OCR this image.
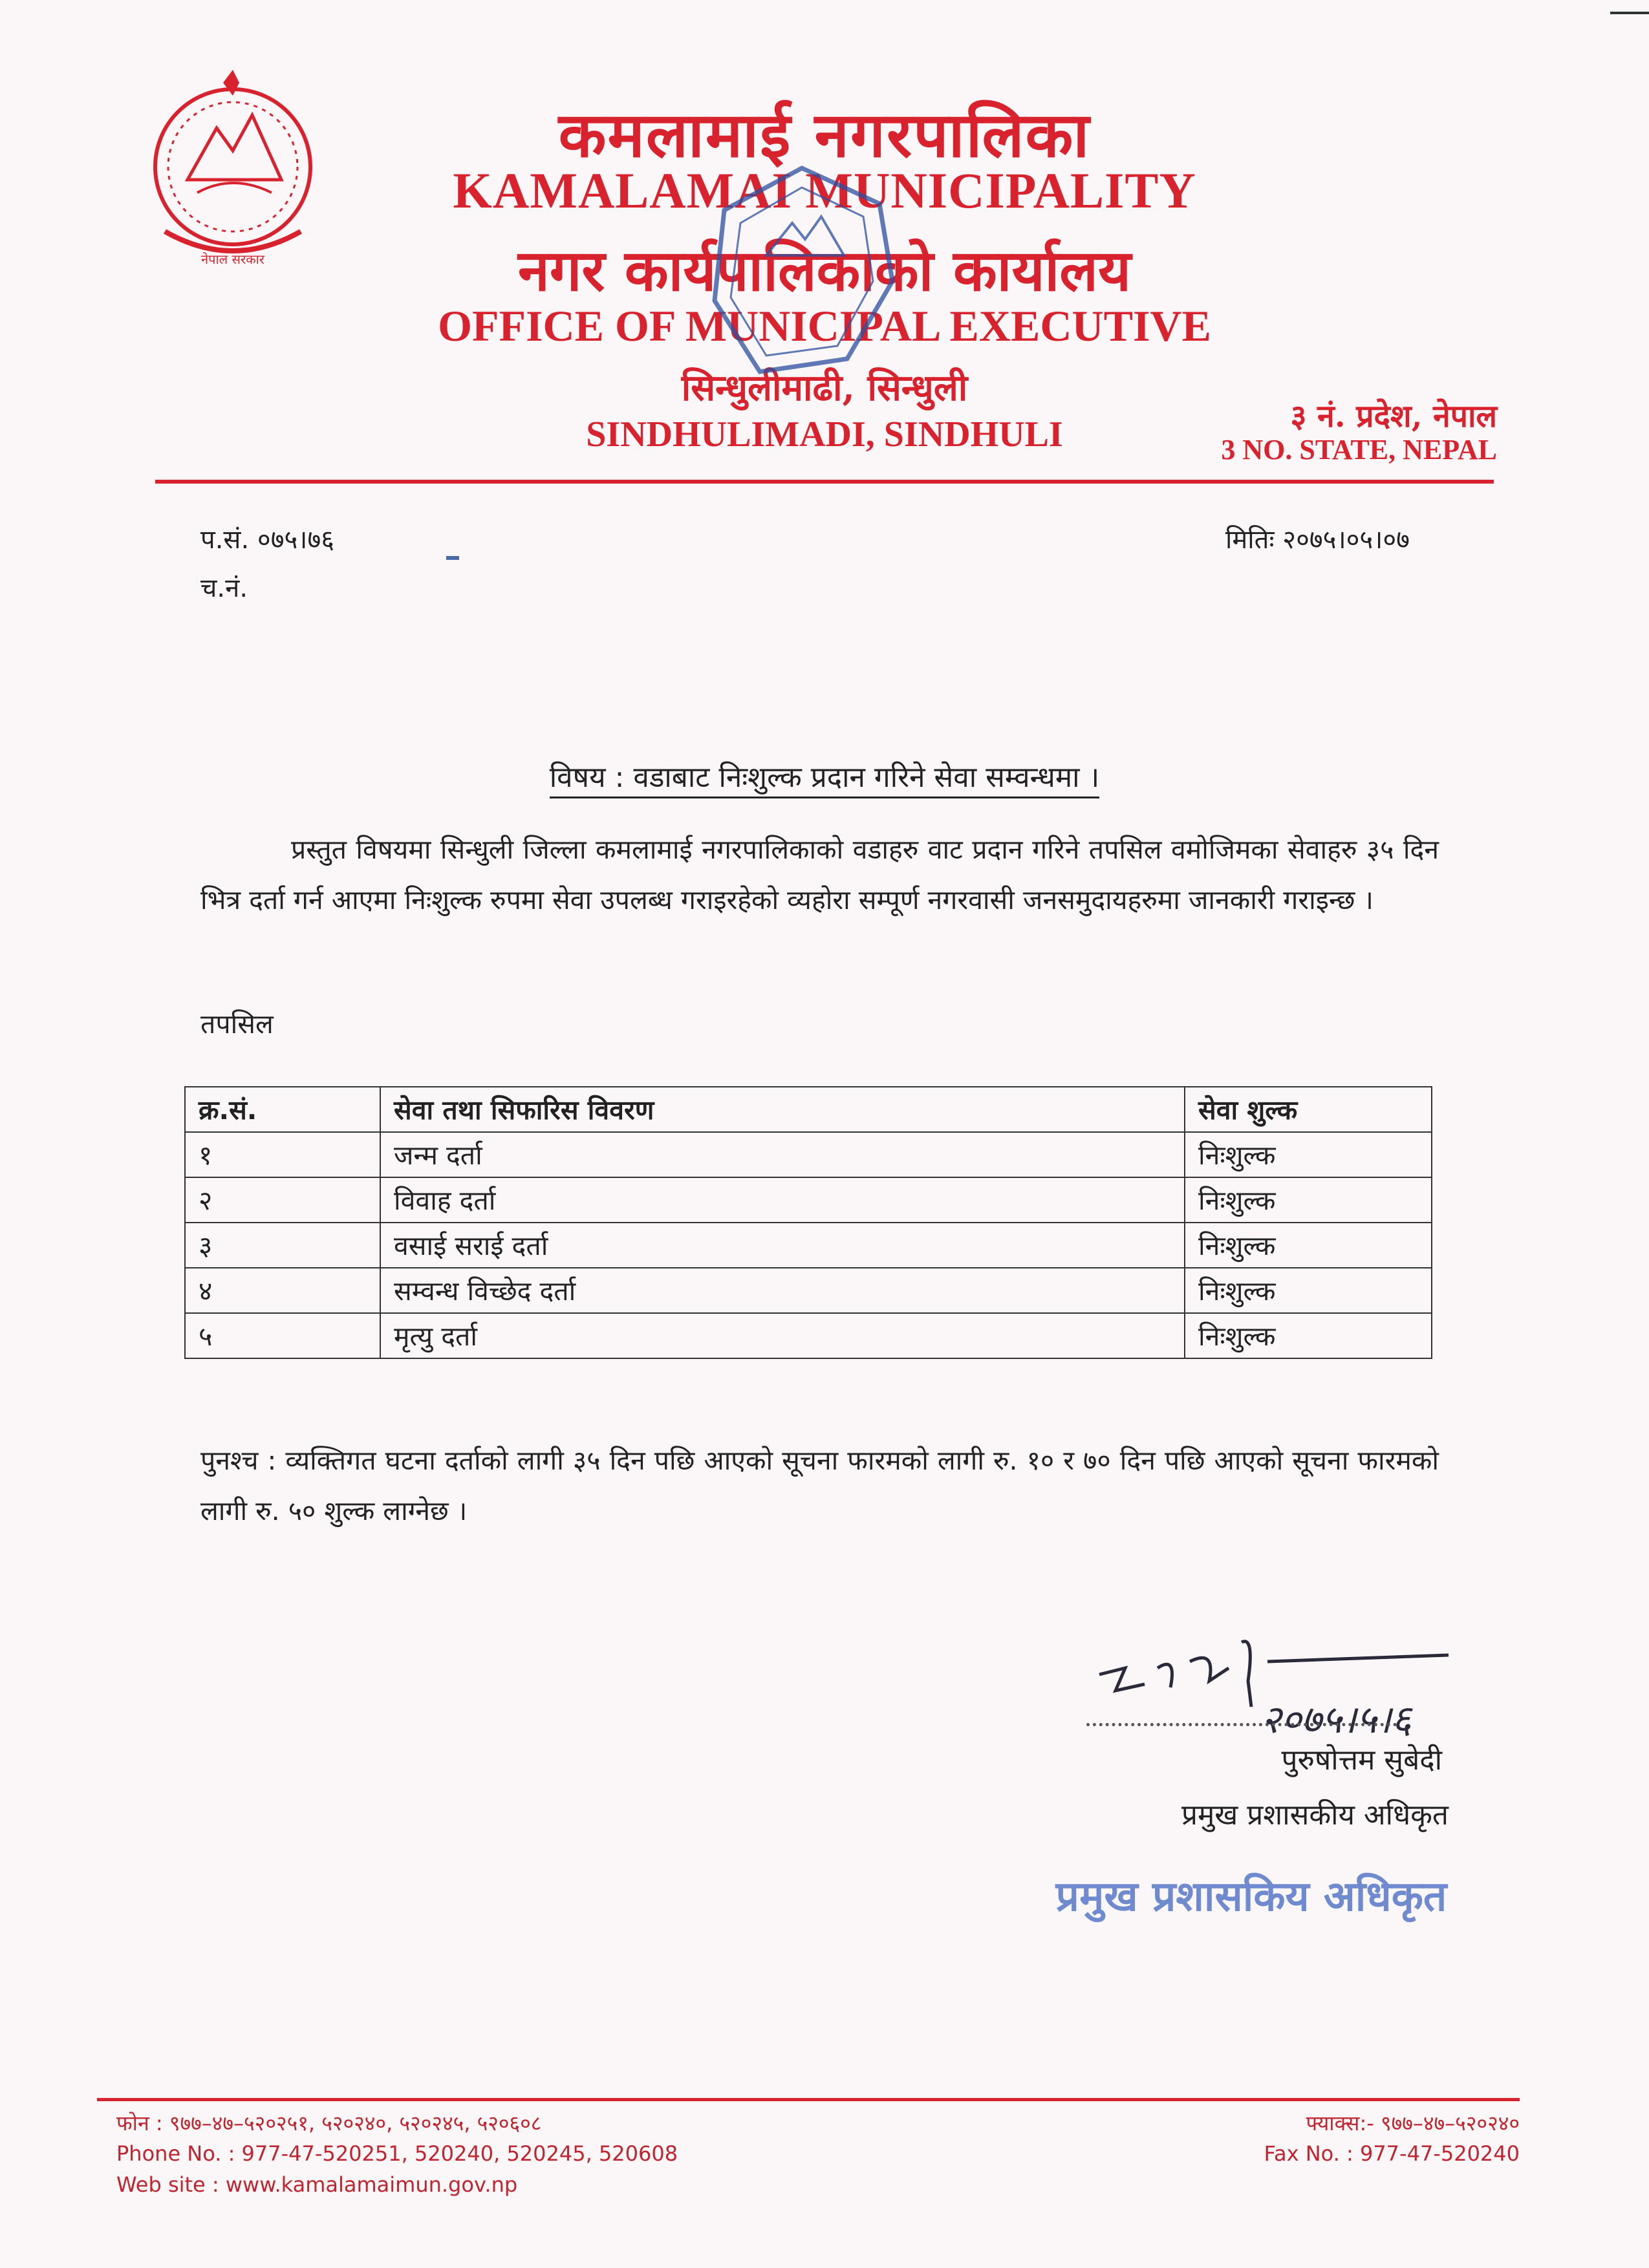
नेपाल सरकार
कमलामाई नगरपालिका
KAMALAMAI MUNICIPALITY
नगर कार्यपालिकाको कार्यालय
OFFICE OF MUNICIPAL EXECUTIVE
सिन्धुलीमाढी, सिन्धुली
SINDHULIMADI, SINDHULI	३ नं. प्रदेश, नेपाल
3 NO. STATE, NEPAL
प.सं. ०७५।७६
च.नं.
मितिः २०७५।०५।०७
विषय : वडाबाट निःशुल्क प्रदान गरिने सेवा सम्वन्धमा ।
प्रस्तुत विषयमा सिन्धुली जिल्ला कमलामाई नगरपालिकाको वडाहरु वाट प्रदान गरिने तपसिल वमोजिमका सेवाहरु ३५ दिन भित्र दर्ता गर्न आएमा निःशुल्क रुपमा सेवा उपलब्ध गराइरहेको व्यहोरा सम्पूर्ण नगरवासी जनसमुदायहरुमा जानकारी गराइन्छ ।
तपसिल
क्र.सं.	सेवा तथा सिफारिस विवरण	सेवा शुल्क
१	जन्म दर्ता	निःशुल्क
२	विवाह दर्ता	निःशुल्क
३	वसाई सराई दर्ता	निःशुल्क
४	सम्वन्ध विच्छेद दर्ता	निःशुल्क
५	मृत्यु दर्ता	निःशुल्क
पुनश्च : व्यक्तिगत घटना दर्ताको लागी ३५ दिन पछि आएको सूचना फारमको लागी रु. १० र ७० दिन पछि आएको सूचना फारमको लागी रु. ५० शुल्क लाग्नेछ ।
२०७५।५।६
पुरुषोत्तम सुबेदी
प्रमुख प्रशासकीय अधिकृत
प्रमुख प्रशासकिय अधिकृत
फोन : ९७७–४७–५२०२५१, ५२०२४०, ५२०२४५, ५२०६०८
Phone No. : 977-47-520251, 520240, 520245, 520608
Web site : www.kamalamaimun.gov.np
फ्याक्स:- ९७७–४७–५२०२४०
Fax No. : 977-47-520240
